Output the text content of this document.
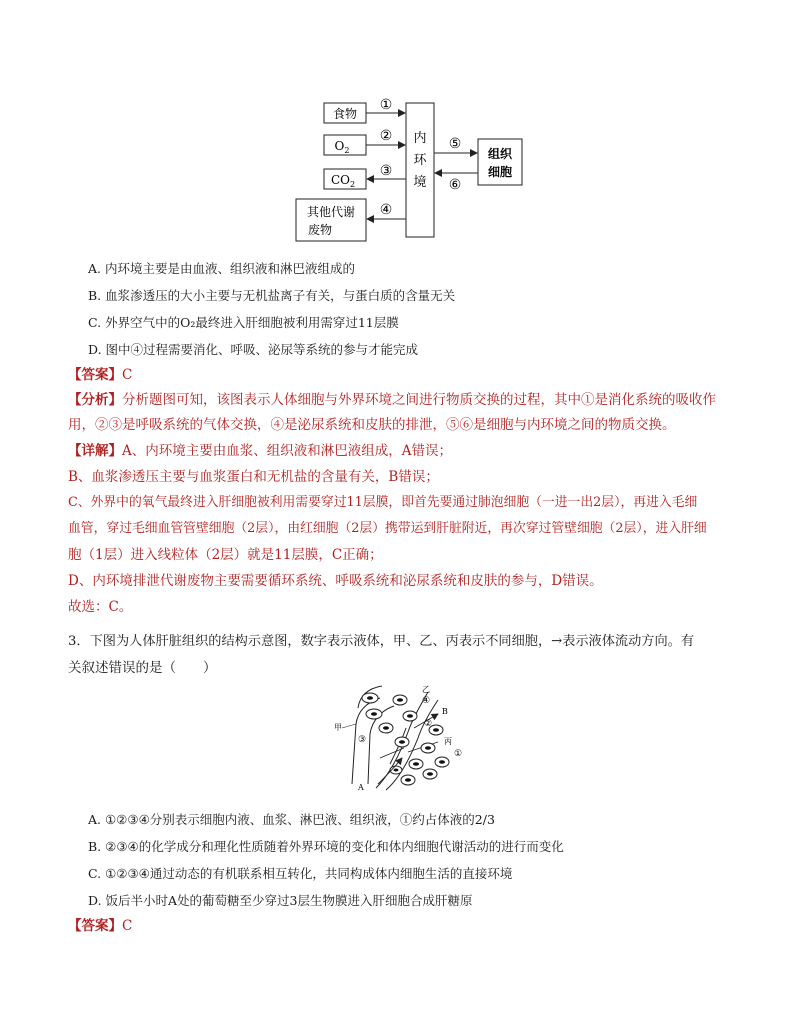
食物
$O_2$
$CO_2$
其他代谢
废物
内
环
境
组织
细胞
①
②
③
④
⑤
⑥
A. 内环境主要是由血液、组织液和淋巴液组成的
B. 血浆渗透压的大小主要与无机盐离子有关，与蛋白质的含量无关
C. 外界空气中的O₂最终进入肝细胞被利用需穿过11层膜
D. 图中④过程需要消化、呼吸、泌尿等系统的参与才能完成
【答案】C
【分析】分析题图可知，该图表示人体细胞与外界环境之间进行物质交换的过程，其中①是消化系统的吸收作
用，②③是呼吸系统的气体交换，④是泌尿系统和皮肤的排泄，⑤⑥是细胞与内环境之间的物质交换。
【详解】A、内环境主要由血浆、组织液和淋巴液组成，A错误；
B、血浆渗透压主要与血浆蛋白和无机盐的含量有关，B错误；
C、外界中的氧气最终进入肝细胞被利用需要穿过11层膜，即首先要通过肺泡细胞（一进一出2层），再进入毛细
血管，穿过毛细血管管壁细胞（2层），由红细胞（2层）携带运到肝脏附近，再次穿过管壁细胞（2层），进入肝细
胞（1层）进入线粒体（2层）就是11层膜，C正确；
D、内环境排泄代谢废物主要需要循环系统、呼吸系统和泌尿系统和皮肤的参与，D错误。
故选：C。
3．下图为人体肝脏组织的结构示意图，数字表示液体，甲、乙、丙表示不同细胞，→表示液体流动方向。有
关叙述错误的是（　　）
甲
乙
④
②
B
丙
①
③
A
A. ①②③④分别表示细胞内液、血浆、淋巴液、组织液，①约占体液的2/3
B. ②③④的化学成分和理化性质随着外界环境的变化和体内细胞代谢活动的进行而变化
C. ①②③④通过动态的有机联系相互转化，共同构成体内细胞生活的直接环境
D. 饭后半小时A处的葡萄糖至少穿过3层生物膜进入肝细胞合成肝糖原
【答案】C
